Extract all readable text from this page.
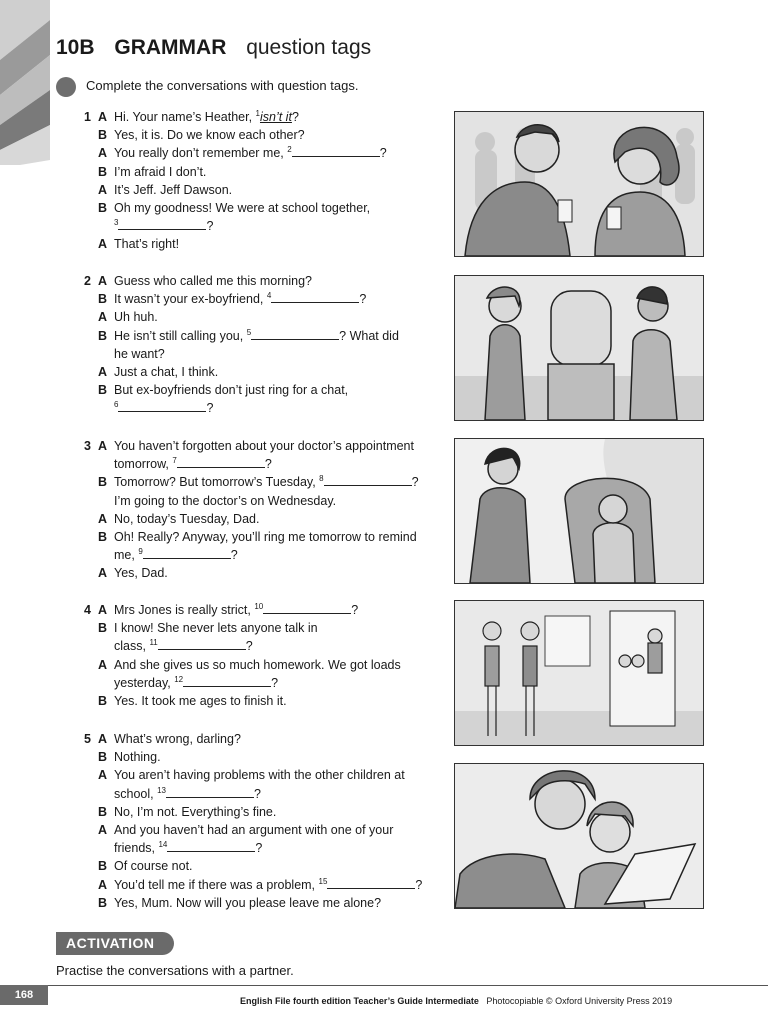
10B GRAMMAR question tags
Complete the conversations with question tags.
1 A Hi. Your name’s Heather, $^1$isn’t it?
B Yes, it is. Do we know each other?
A You really don’t remember me, $^2$	?
B I’m afraid I don’t.
A It’s Jeff. Jeff Dawson.
B Oh my goodness! We were at school together,
$^3$	?
A That’s right!
2 A Guess who called me this morning?
B It wasn’t your ex-boyfriend, $^4$	?
A Uh huh.
B He isn’t still calling you, $^5$	? What did
he want?
A Just a chat, I think.
B But ex-boyfriends don’t just ring for a chat,
$^6$	?
3 A You haven’t forgotten about your doctor’s appointment
tomorrow, $^7$	?
B Tomorrow? But tomorrow’s Tuesday, $^8$	?
I’m going to the doctor’s on Wednesday.
A No, today’s Tuesday, Dad.
B Oh! Really? Anyway, you’ll ring me tomorrow to remind
me, $^9$	?
A Yes, Dad.
4 A Mrs Jones is really strict, $^{10}$	?
B I know! She never lets anyone talk in
class, $^{11}$	?
A And she gives us so much homework. We got loads
yesterday, $^{12}$	?
B Yes. It took me ages to finish it.
5 A What’s wrong, darling?
B Nothing.
A You aren’t having problems with the other children at
school, $^{13}$	?
B No, I’m not. Everything’s fine.
A And you haven’t had an argument with one of your
friends, $^{14}$	?
B Of course not.
A You’d tell me if there was a problem, $^{15}$	?
B Yes, Mum. Now will you please leave me alone?
ACTIVATION
Practise the conversations with a partner.
168	English File fourth edition Teacher’s Guide Intermediate Photocopiable © Oxford University Press 2019
